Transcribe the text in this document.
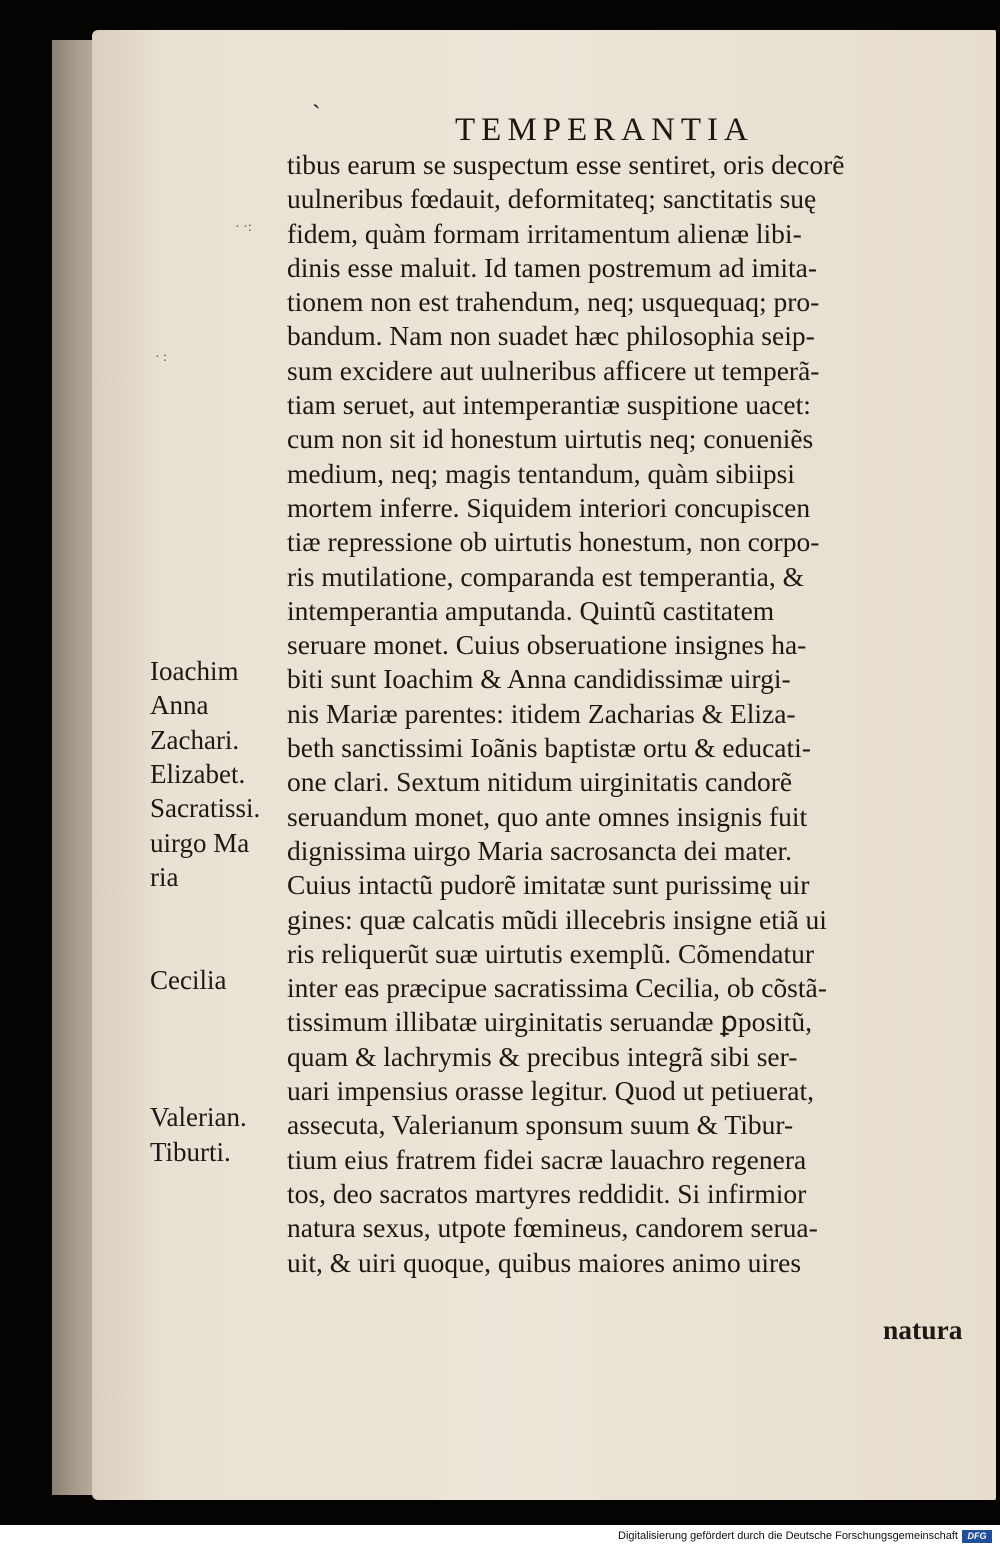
ˋ	TEMPERANTIA
· ·:
· :
tibus earum se suspectum esse sentiret, oris decorẽ
uulneribus fœdauit, deformitateq; sanctitatis suę
fidem, quàm formam irritamentum alienæ libi-
dinis esse maluit. Id tamen postremum ad imita-
tionem non est trahendum, neq; usquequaq; pro-
bandum. Nam non suadet hæc philosophia seip-
sum excidere aut uulneribus afficere ut temperã-
tiam seruet, aut intemperantiæ suspitione uacet:
cum non sit id honestum uirtutis neq; conueniẽs
medium, neq; magis tentandum, quàm sibiipsi
mortem inferre. Siquidem interiori concupiscen
tiæ repressione ob uirtutis honestum, non corpo-
ris mutilatione, comparanda est temperantia, &
intemperantia amputanda. Quintũ castitatem
seruare monet. Cuius obseruatione insignes ha-
biti sunt Ioachim & Anna candidissimæ uirgi-
nis Mariæ parentes: itidem Zacharias & Eliza-
beth sanctissimi Ioãnis baptistæ ortu & educati-
one clari. Sextum nitidum uirginitatis candorẽ
seruandum monet, quo ante omnes insignis fuit
dignissima uirgo Maria sacrosancta dei mater.
Cuius intactũ pudorẽ imitatæ sunt purissimę uir
gines: quæ calcatis mũdi illecebris insigne etiã ui
ris reliquerũt suæ uirtutis exemplũ. Cõmendatur
inter eas præcipue sacratissima Cecilia, ob cõstã-
tissimum illibatæ uirginitatis seruandæ ꝑpositũ,
quam & lachrymis & precibus integrã sibi ser-
uari impensius orasse legitur. Quod ut petiuerat,
assecuta, Valerianum sponsum suum & Tibur-
tium eius fratrem fidei sacræ lauachro regenera
tos, deo sacratos martyres reddidit. Si infirmior
natura sexus, utpote fœmineus, candorem serua-
uit, & uiri quoque, quibus maiores animo uires
Ioachim
Anna
Zachari.
Elizabet.
Sacratissi.
uirgo Ma
ria
Cecilia
Valerian.
Tiburti.
natura
Digitalisierung gefördert durch die Deutsche Forschungsgemeinschaft	DFG
